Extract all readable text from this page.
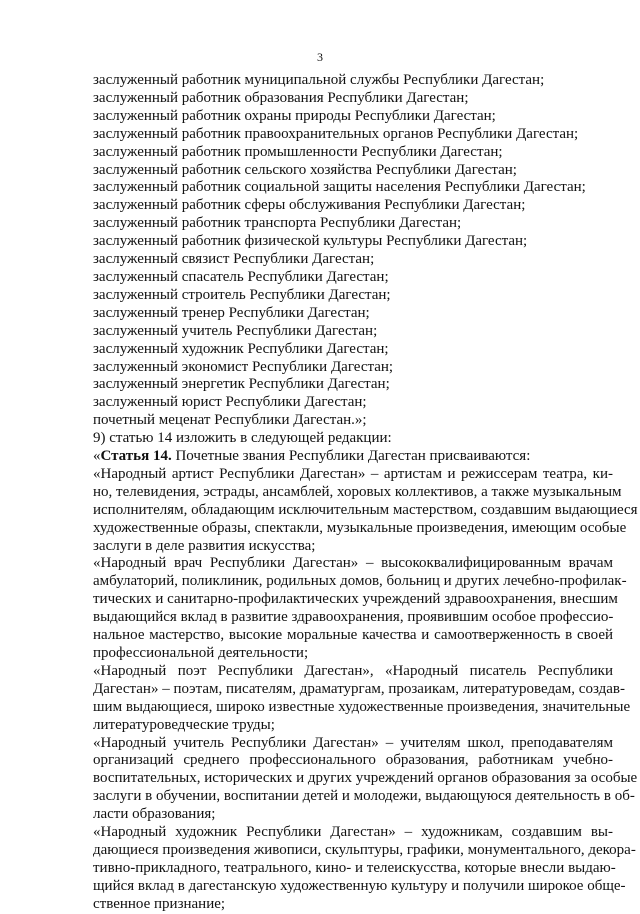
3
заслуженный работник муниципальной службы Республики Дагестан;
заслуженный работник образования Республики Дагестан;
заслуженный работник охраны природы Республики Дагестан;
заслуженный работник правоохранительных органов Республики Дагестан;
заслуженный работник промышленности Республики Дагестан;
заслуженный работник сельского хозяйства Республики Дагестан;
заслуженный работник социальной защиты населения Республики Дагестан;
заслуженный работник сферы обслуживания Республики Дагестан;
заслуженный работник транспорта Республики Дагестан;
заслуженный работник физической культуры Республики Дагестан;
заслуженный связист Республики Дагестан;
заслуженный спасатель Республики Дагестан;
заслуженный строитель Республики Дагестан;
заслуженный тренер Республики Дагестан;
заслуженный учитель Республики Дагестан;
заслуженный художник Республики Дагестан;
заслуженный экономист Республики Дагестан;
заслуженный энергетик Республики Дагестан;
заслуженный юрист Республики Дагестан;
почетный меценат Республики Дагестан.»;
9) статью 14 изложить в следующей редакции:
«Статья 14. Почетные звания Республики Дагестан присваиваются:
«Народный артист Республики Дагестан» – артистам и режиссерам театра, ки-
но, телевидения, эстрады, ансамблей, хоровых коллективов, а также музыкальным
исполнителям, обладающим исключительным мастерством, создавшим выдающиеся
художественные образы, спектакли, музыкальные произведения, имеющим особые
заслуги в деле развития искусства;
«Народный врач Республики Дагестан» – высококвалифицированным врачам
амбулаторий, поликлиник, родильных домов, больниц и других лечебно-профилак-
тических и санитарно-профилактических учреждений здравоохранения, внесшим
выдающийся вклад в развитие здравоохранения, проявившим особое профессио-
нальное мастерство, высокие моральные качества и самоотверженность в своей
профессиональной деятельности;
«Народный поэт Республики Дагестан», «Народный писатель Республики
Дагестан» – поэтам, писателям, драматургам, прозаикам, литературоведам, создав-
шим выдающиеся, широко известные художественные произведения, значительные
литературоведческие труды;
«Народный учитель Республики Дагестан» – учителям школ, преподавателям
организаций среднего профессионального образования, работникам учебно-
воспитательных, исторических и других учреждений органов образования за особые
заслуги в обучении, воспитании детей и молодежи, выдающуюся деятельность в об-
ласти образования;
«Народный художник Республики Дагестан» – художникам, создавшим вы-
дающиеся произведения живописи, скульптуры, графики, монументального, декора-
тивно-прикладного, театрального, кино- и телеискусства, которые внесли выдаю-
щийся вклад в дагестанскую художественную культуру и получили широкое обще-
ственное признание;
